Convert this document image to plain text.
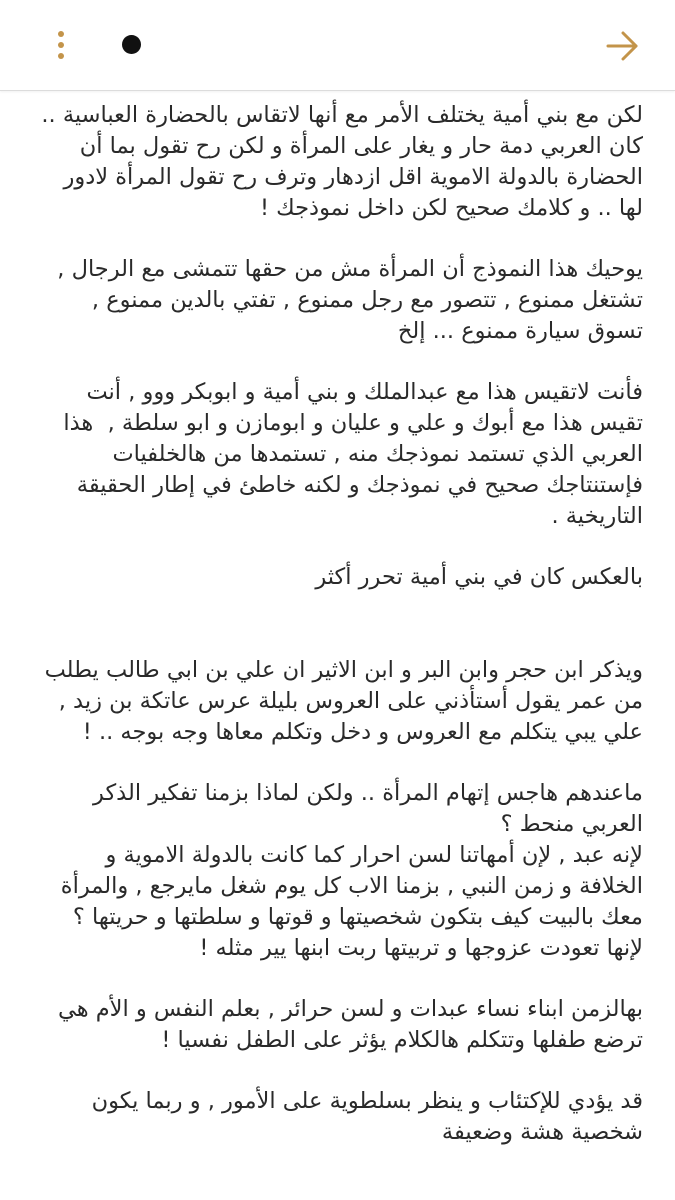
لكن مع بني أمية يختلف الأمر مع أنها لاتقاس بالحضارة العباسية .. كان العربي دمة حار و يغار على المرأة و لكن رح تقول بما أن الحضارة بالدولة الاموية اقل ازدهار وترف رح تقول المرأة لادور لها .. و كلامك صحيح لكن داخل نموذجك !

يوحيك هذا النموذج أن المرأة مش من حقها تتمشى مع الرجال , تشتغل ممنوع , تتصور مع رجل ممنوع , تفتي بالدين ممنوع , تسوق سيارة ممنوع ... إلخ

فأنت لاتقيس هذا مع عبدالملك و بني أمية و ابوبكر ووو , أنت تقيس هذا مع أبوك و علي و عليان و ابومازن و ابو سلطة ,  هذا العربي الذي تستمد نموذجك منه , تستمدها من هالخلفيات فإستنتاجك صحيح في نموذجك و لكنه خاطئ في إطار الحقيقة التاريخية .

بالعكس كان في بني أمية تحرر أكثر

ويذكر ابن حجر وابن البر و ابن الاثير ان علي بن ابي طالب يطلب من عمر يقول أستأذني على العروس بليلة عرس عاتكة بن زيد , علي يبي يتكلم مع العروس و دخل وتكلم معاها وجه بوجه .. !

ماعندهم هاجس إتهام المرأة .. ولكن لماذا بزمنا تفكير الذكر العربي منحط ؟
لإنه عبد , لإن أمهاتنا لسن احرار كما كانت بالدولة الاموية و الخلافة و زمن النبي , بزمنا الاب كل يوم شغل مايرجع , والمرأة معك بالبيت كيف بتكون شخصيتها و قوتها و سلطتها و حريتها ؟ لإنها تعودت عزوجها و تربيتها ربت ابنها يير مثله !

بهالزمن ابناء نساء عبدات و لسن حرائر , بعلم النفس و الأم هي ترضع طفلها وتتكلم هالكلام يؤثر على الطفل نفسيا !

قد يؤدي للإكتئاب و ينظر بسلطوية على الأمور , و ربما يكون شخصية هشة وضعيفة
